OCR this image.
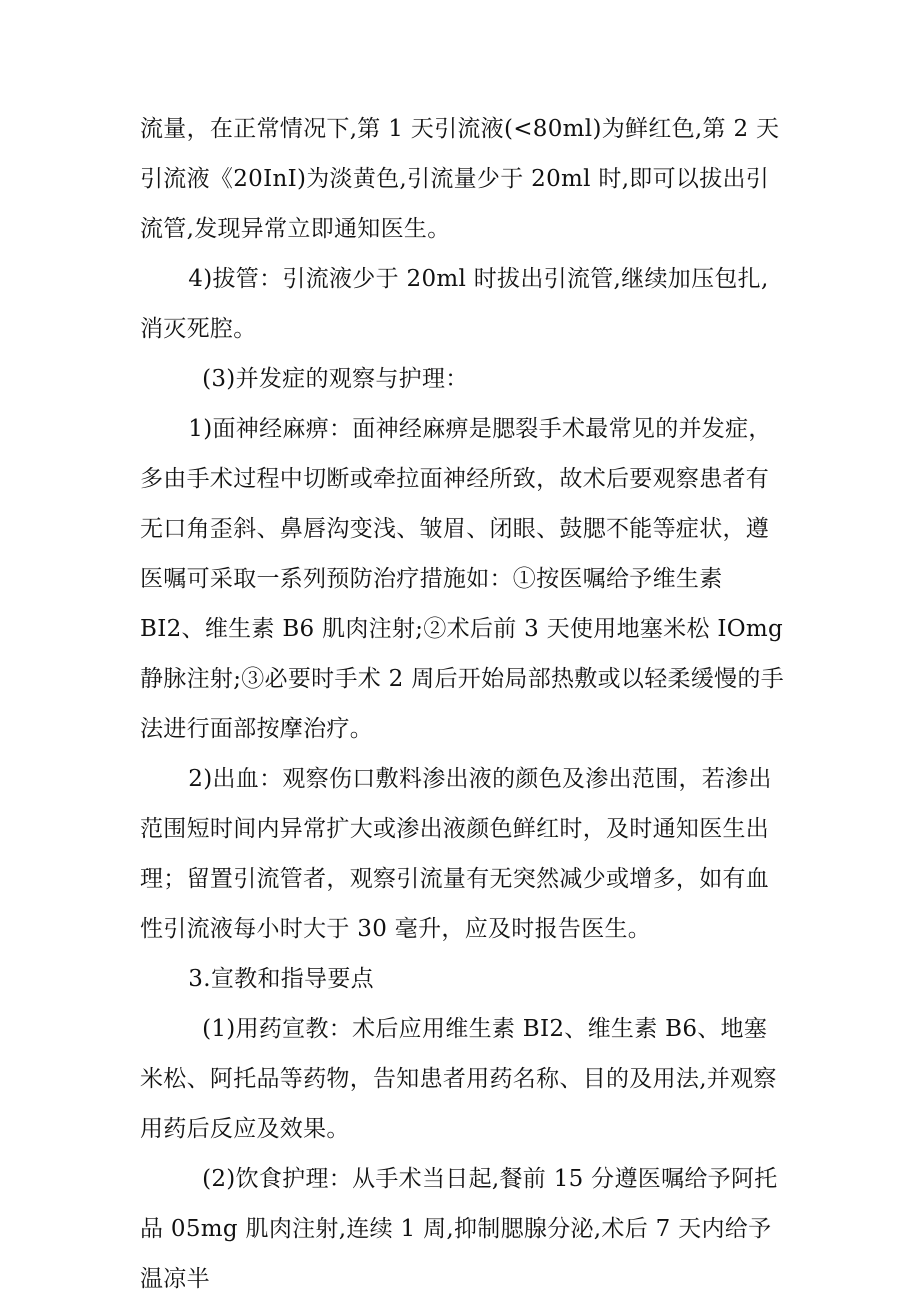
流量，在正常情况下,第 1 天引流液(<80ml)为鲜红色,第 2 天引流液《20InI)为淡黄色,引流量少于 20ml 时,即可以拔出引流管,发现异常立即通知医生。

4)拔管：引流液少于 20ml 时拔出引流管,继续加压包扎,消灭死腔。

(3)并发症的观察与护理：

1)面神经麻痹：面神经麻痹是腮裂手术最常见的并发症，多由手术过程中切断或牵拉面神经所致，故术后要观察患者有无口角歪斜、鼻唇沟变浅、皱眉、闭眼、鼓腮不能等症状，遵医嘱可采取一系列预防治疗措施如：①按医嘱给予维生素 BI2、维生素 B6 肌肉注射;②术后前 3 天使用地塞米松 IOmg 静脉注射;③必要时手术 2 周后开始局部热敷或以轻柔缓慢的手法进行面部按摩治疗。

2)出血：观察伤口敷料渗出液的颜色及渗出范围，若渗出范围短时间内异常扩大或渗出液颜色鲜红时，及时通知医生出理；留置引流管者，观察引流量有无突然减少或增多，如有血性引流液每小时大于 30 毫升，应及时报告医生。

3.宣教和指导要点

(1)用药宣教：术后应用维生素 BI2、维生素 B6、地塞米松、阿托品等药物，告知患者用药名称、目的及用法,并观察用药后反应及效果。

(2)饮食护理：从手术当日起,餐前 15 分遵医嘱给予阿托品 05mg 肌肉注射,连续 1 周,抑制腮腺分泌,术后 7 天内给予温凉半
